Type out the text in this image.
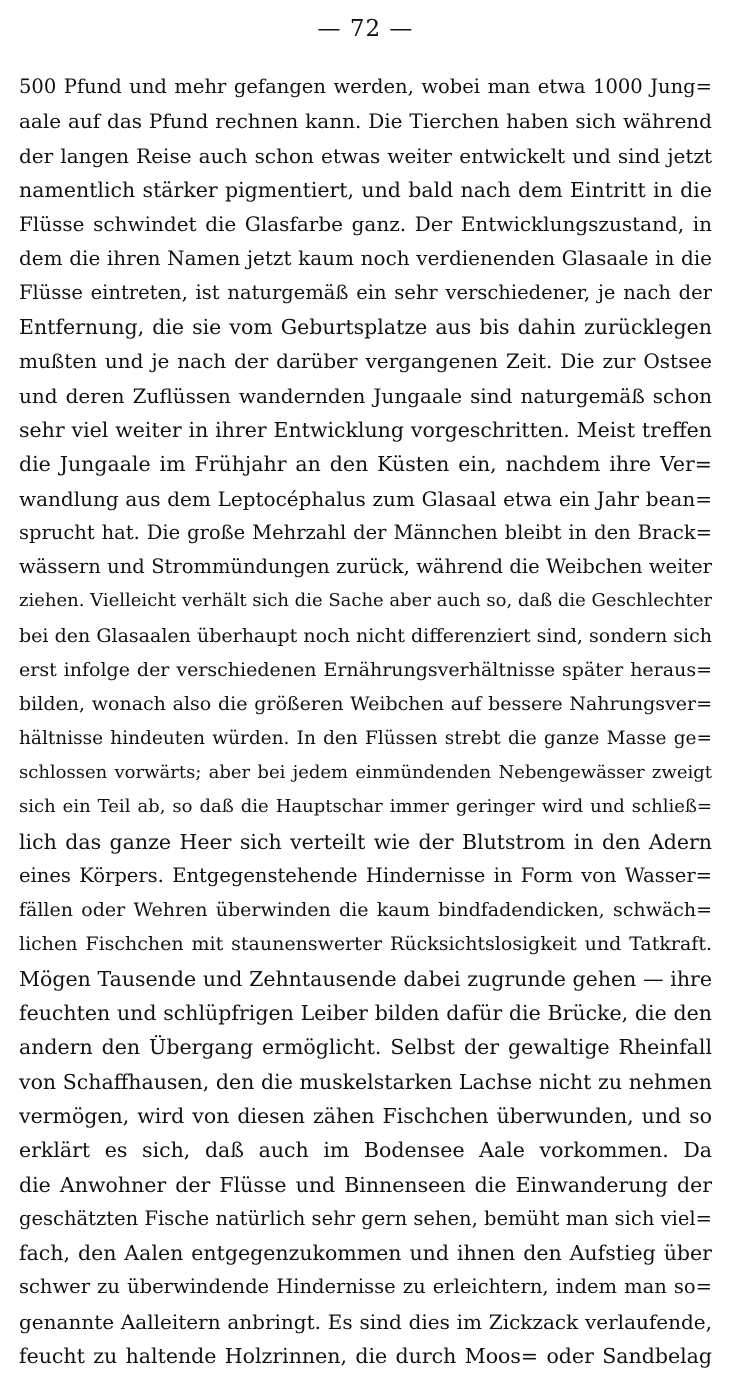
— 72 —
500 Pfund und mehr gefangen werden, wobei man etwa 1000 Jung=
aale auf das Pfund rechnen kann. Die Tierchen haben sich während
der langen Reise auch schon etwas weiter entwickelt und sind jetzt
namentlich stärker pigmentiert, und bald nach dem Eintritt in die
Flüsse schwindet die Glasfarbe ganz. Der Entwicklungszustand, in
dem die ihren Namen jetzt kaum noch verdienenden Glasaale in die
Flüsse eintreten, ist naturgemäß ein sehr verschiedener, je nach der
Entfernung, die sie vom Geburtsplatze aus bis dahin zurücklegen
mußten und je nach der darüber vergangenen Zeit. Die zur Ostsee
und deren Zuflüssen wandernden Jungaale sind naturgemäß schon
sehr viel weiter in ihrer Entwicklung vorgeschritten. Meist treffen
die Jungaale im Frühjahr an den Küsten ein, nachdem ihre Ver=
wandlung aus dem Leptocéphalus zum Glasaal etwa ein Jahr bean=
sprucht hat. Die große Mehrzahl der Männchen bleibt in den Brack=
wässern und Strommündungen zurück, während die Weibchen weiter
ziehen. Vielleicht verhält sich die Sache aber auch so, daß die Geschlechter
bei den Glasaalen überhaupt noch nicht differenziert sind, sondern sich
erst infolge der verschiedenen Ernährungsverhältnisse später heraus=
bilden, wonach also die größeren Weibchen auf bessere Nahrungsver=
hältnisse hindeuten würden. In den Flüssen strebt die ganze Masse ge=
schlossen vorwärts; aber bei jedem einmündenden Nebengewässer zweigt
sich ein Teil ab, so daß die Hauptschar immer geringer wird und schließ=
lich das ganze Heer sich verteilt wie der Blutstrom in den Adern
eines Körpers. Entgegenstehende Hindernisse in Form von Wasser=
fällen oder Wehren überwinden die kaum bindfadendicken, schwäch=
lichen Fischchen mit staunenswerter Rücksichtslosigkeit und Tatkraft.
Mögen Tausende und Zehntausende dabei zugrunde gehen — ihre
feuchten und schlüpfrigen Leiber bilden dafür die Brücke, die den
andern den Übergang ermöglicht. Selbst der gewaltige Rheinfall
von Schaffhausen, den die muskelstarken Lachse nicht zu nehmen
vermögen, wird von diesen zähen Fischchen überwunden, und so
erklärt es sich, daß auch im Bodensee Aale vorkommen. Da
die Anwohner der Flüsse und Binnenseen die Einwanderung der
geschätzten Fische natürlich sehr gern sehen, bemüht man sich viel=
fach, den Aalen entgegenzukommen und ihnen den Aufstieg über
schwer zu überwindende Hindernisse zu erleichtern, indem man so=
genannte Aalleitern anbringt. Es sind dies im Zickzack verlaufende,
feucht zu haltende Holzrinnen, die durch Moos= oder Sandbelag
